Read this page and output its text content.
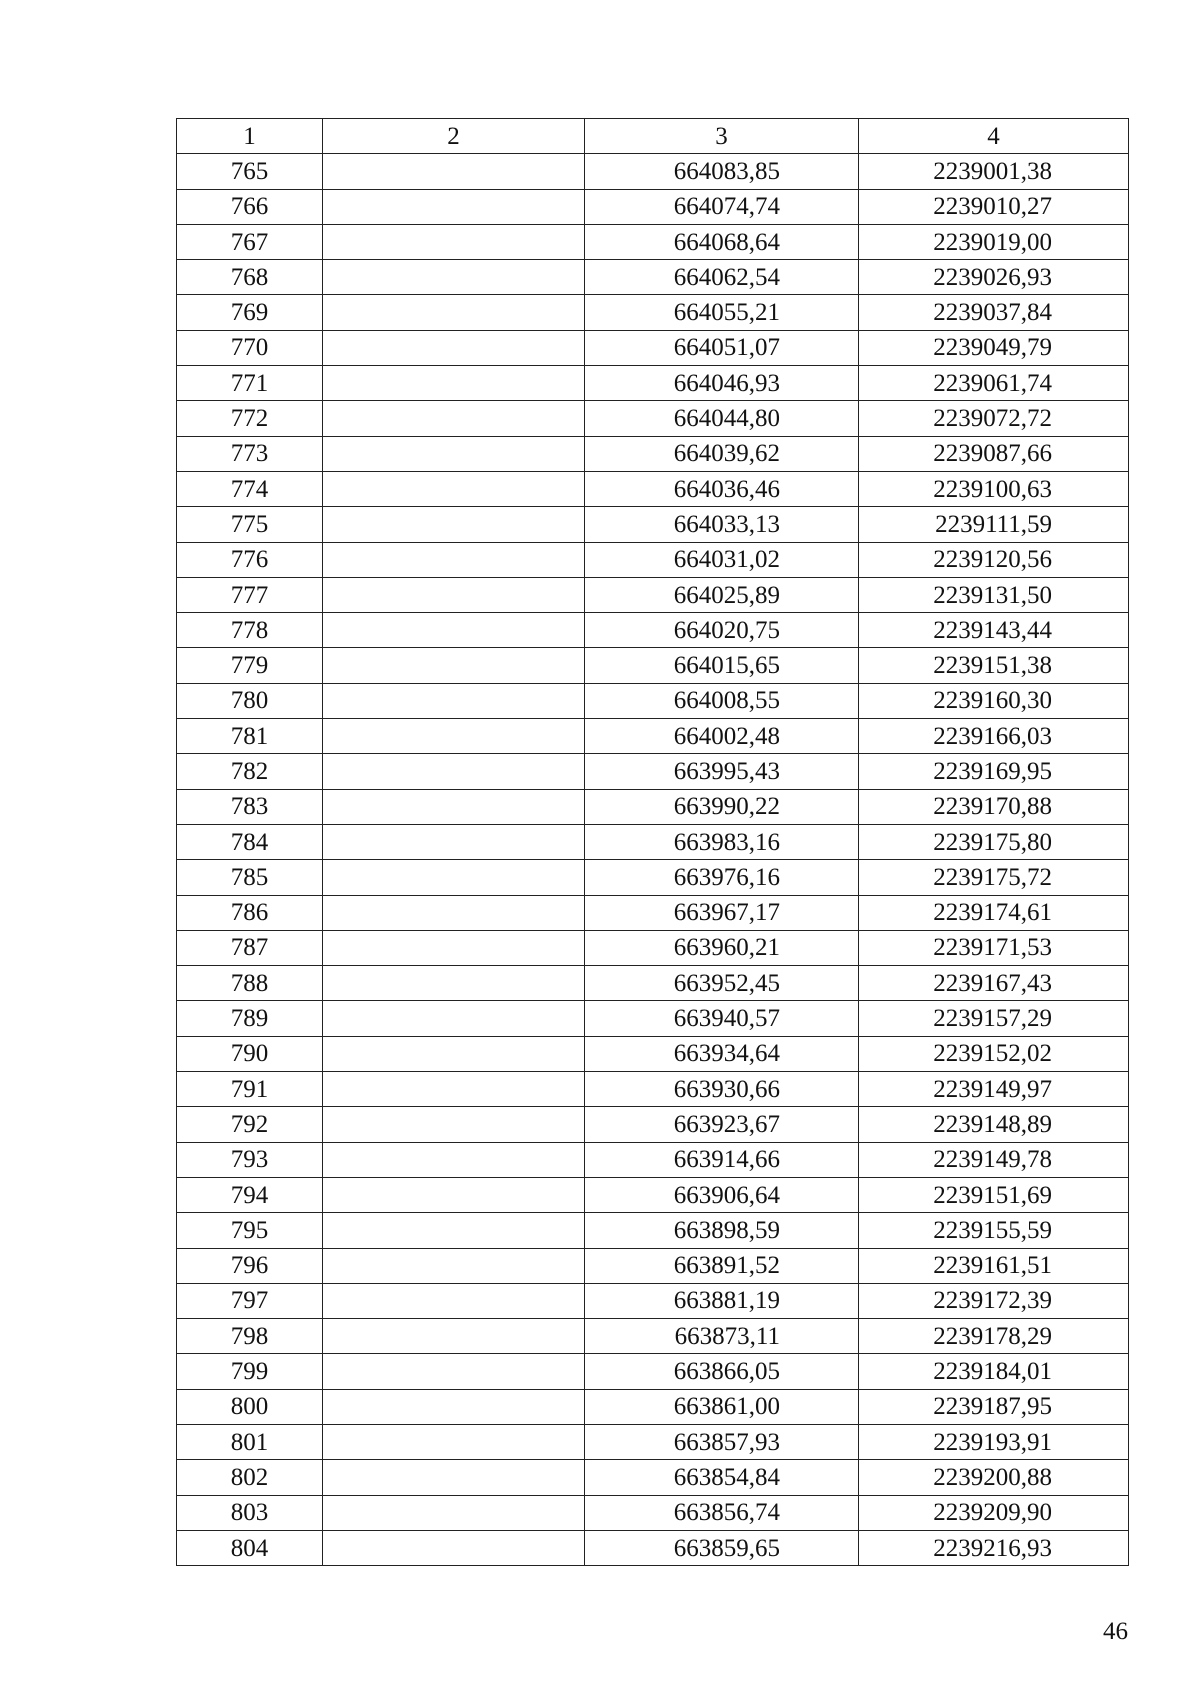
1	2	3	4
765		664083,85	2239001,38
766		664074,74	2239010,27
767		664068,64	2239019,00
768		664062,54	2239026,93
769		664055,21	2239037,84
770		664051,07	2239049,79
771		664046,93	2239061,74
772		664044,80	2239072,72
773		664039,62	2239087,66
774		664036,46	2239100,63
775		664033,13	2239111,59
776		664031,02	2239120,56
777		664025,89	2239131,50
778		664020,75	2239143,44
779		664015,65	2239151,38
780		664008,55	2239160,30
781		664002,48	2239166,03
782		663995,43	2239169,95
783		663990,22	2239170,88
784		663983,16	2239175,80
785		663976,16	2239175,72
786		663967,17	2239174,61
787		663960,21	2239171,53
788		663952,45	2239167,43
789		663940,57	2239157,29
790		663934,64	2239152,02
791		663930,66	2239149,97
792		663923,67	2239148,89
793		663914,66	2239149,78
794		663906,64	2239151,69
795		663898,59	2239155,59
796		663891,52	2239161,51
797		663881,19	2239172,39
798		663873,11	2239178,29
799		663866,05	2239184,01
800		663861,00	2239187,95
801		663857,93	2239193,91
802		663854,84	2239200,88
803		663856,74	2239209,90
804		663859,65	2239216,93
46
